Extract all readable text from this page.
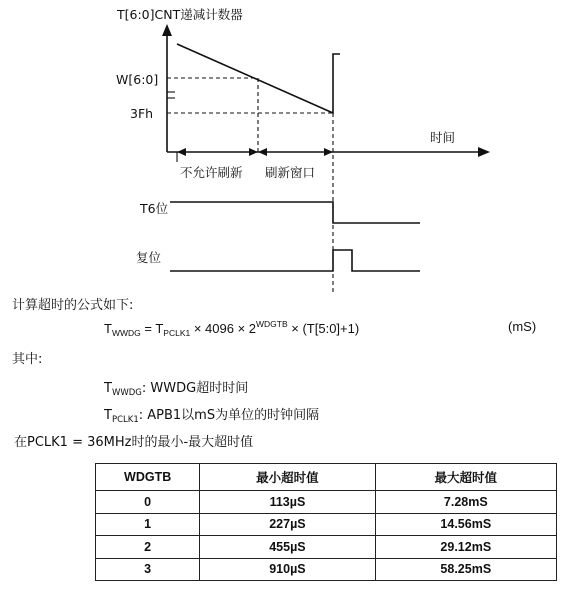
T[6:0]CNT递减计数器
时间
W[6:0]
3Fh
不允许刷新 刷新窗口
T6位
复位
计算超时的公式如下:
$T_{WWDG} = T_{PCLK1} \times 4096 \times 2^{WDGTB}$ × (T[5:0]+1)	(mS)
其中:
$T_{WWDG}$: WWDG超时时间
$T_{PCLK1}$: APB1以mS为单位的时钟间隔
在PCLK1 = 36MHz时的最小-最大超时值
WDGTB	最小超时值	最大超时值
0	113µS	7.28mS
1	227µS	14.56mS
2	455µS	29.12mS
3	910µS	58.25mS
